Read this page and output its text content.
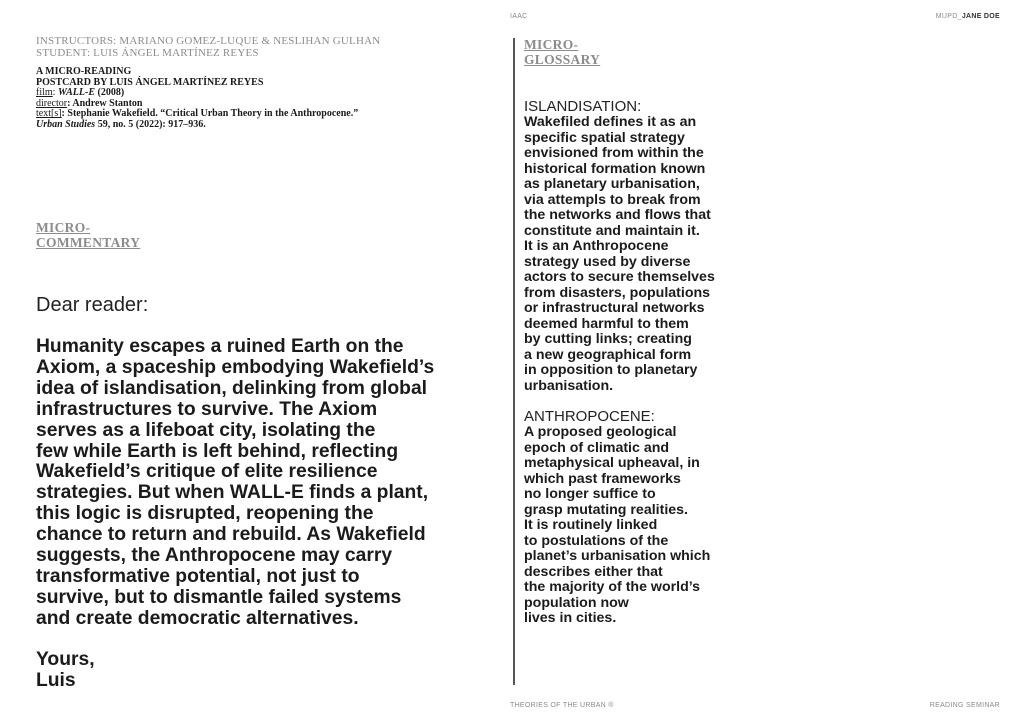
IAAC	MUPD_JANE DOE
INSTRUCTORS: MARIANO GOMEZ-LUQUE & NESLIHAN GULHAN
STUDENT: LUIS ÁNGEL MARTÍNEZ REYES
A MICRO-READING
POSTCARD BY LUIS ÁNGEL MARTÍNEZ REYES
film: WALL-E (2008)
director: Andrew Stanton
text[s]: Stephanie Wakefield. “Critical Urban Theory in the Anthropocene.”
Urban Studies 59, no. 5 (2022): 917–936.
MICRO-
COMMENTARY
Dear reader:
Humanity escapes a ruined Earth on the
Axiom, a spaceship embodying Wakefield’s
idea of islandisation, delinking from global
infrastructures to survive. The Axiom
serves as a lifeboat city, isolating the
few while Earth is left behind, reflecting
Wakefield’s critique of elite resilience
strategies. But when WALL-E finds a plant,
this logic is disrupted, reopening the
chance to return and rebuild. As Wakefield
suggests, the Anthropocene may carry
transformative potential, not just to
survive, but to dismantle failed systems
and create democratic alternatives.
Yours,
Luis
MICRO-
GLOSSARY
ISLANDISATION:
Wakefiled defines it as an
specific spatial strategy
envisioned from within the
historical formation known
as planetary urbanisation,
via attempls to break from
the networks and flows that
constitute and maintain it.
It is an Anthropocene
strategy used by diverse
actors to secure themselves
from disasters, populations
or infrastructural networks
deemed harmful to them
by cutting links; creating
a new geographical form
in opposition to planetary
urbanisation.
ANTHROPOCENE:
A proposed geological
epoch of climatic and
metaphysical upheaval, in
which past frameworks
no longer suffice to
grasp mutating realities.
It is routinely linked
to postulations of the
planet’s urbanisation which
describes either that
the majority of the world’s
population now
lives in cities.
THEORIES OF THE URBAN ®	READING SEMINAR
